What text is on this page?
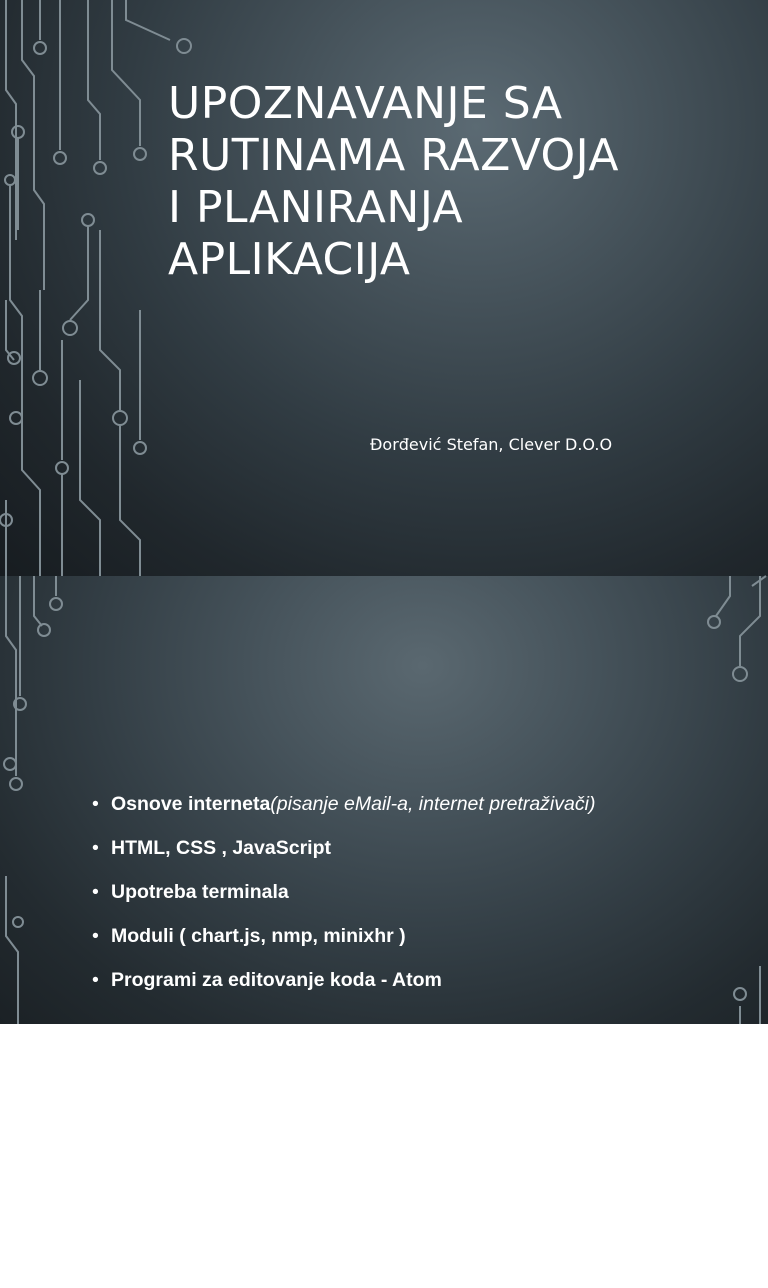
UPOZNAVANJE SA
RUTINAMA RAZVOJA
I PLANIRANJA
APLIKACIJA
Đorđević Stefan, Clever D.O.O
RETROSPEKTIVA KURSA SOVA
• Osnove interneta(pisanje eMail-a, internet pretraživači)
• HTML, CSS , JavaScript
• Upotreba terminala
• Moduli ( chart.js, nmp, minixhr )
• Programi za editovanje koda - Atom
